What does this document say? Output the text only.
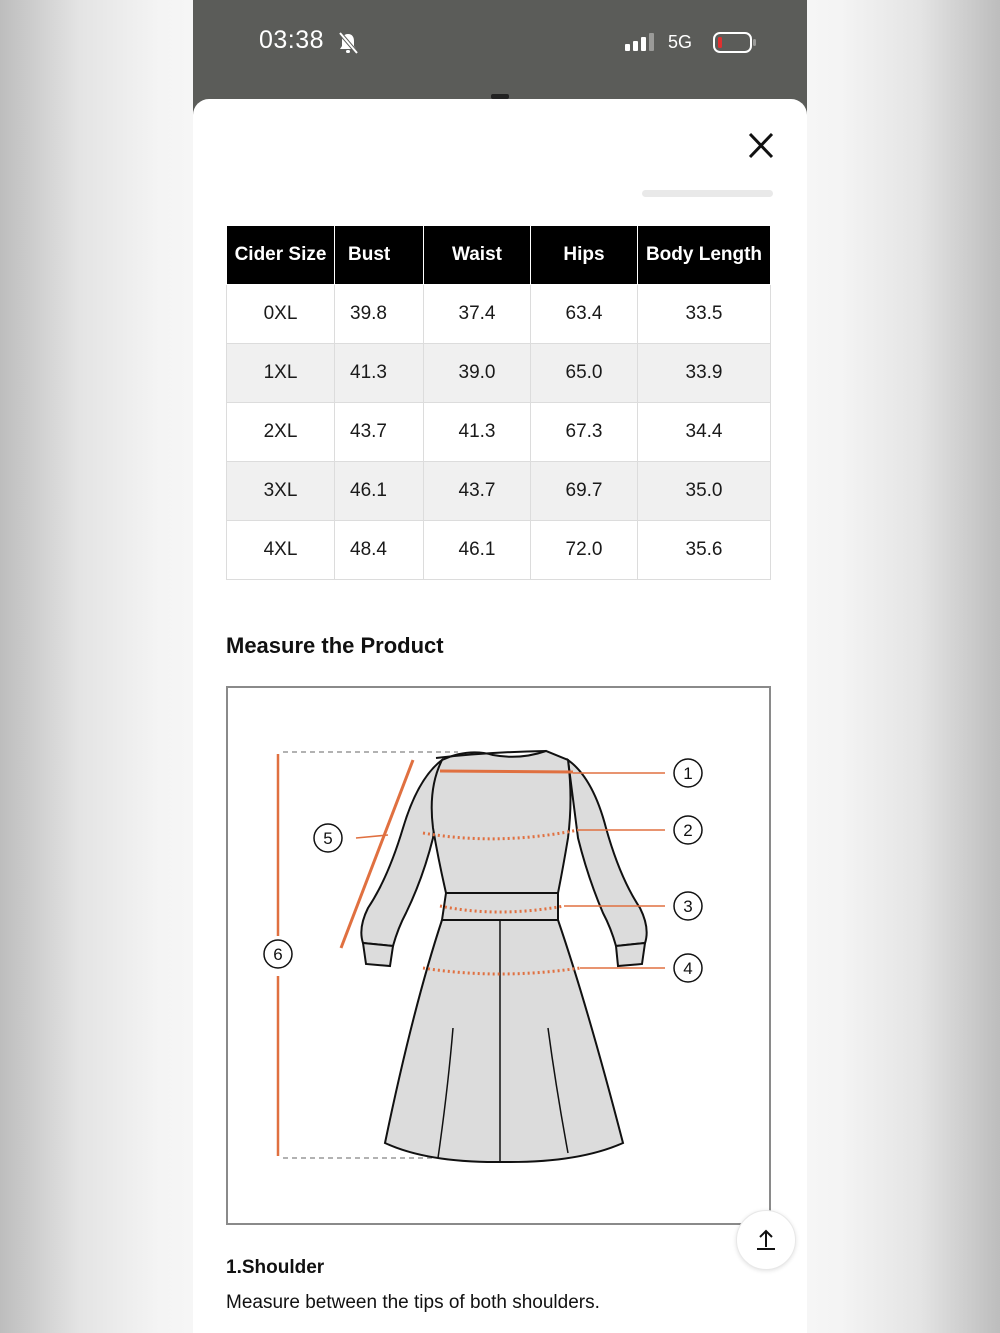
03:38	5G
Cider Size	Bust	Waist	Hips	Body Length
0XL	39.8	37.4	63.4	33.5
1XL	41.3	39.0	65.0	33.9
2XL	43.7	41.3	67.3	34.4
3XL	46.1	43.7	69.7	35.0
4XL	48.4	46.1	72.0	35.6
Measure the Product
1
2
3
4
5
6
1.Shoulder
Measure between the tips of both shoulders.
